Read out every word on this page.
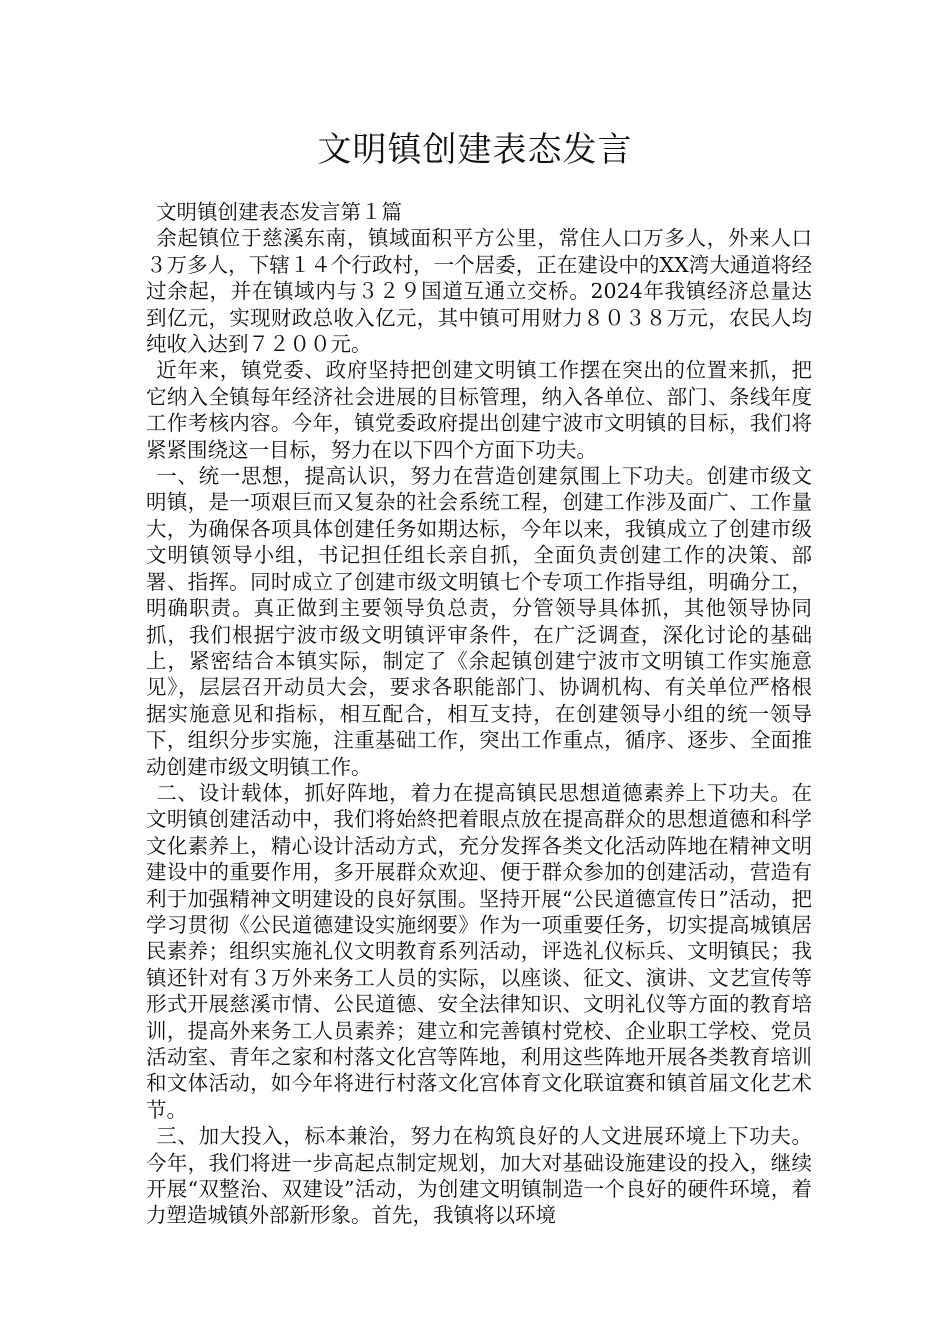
文明镇创建表态发言

文明镇创建表态发言第１篇

余起镇位于慈溪东南，镇域面积平方公里，常住人口万多人，外来人口３万多人，下辖１４个行政村，一个居委，正在建设中的XX湾大通道将经过余起，并在镇域内与３２９国道互通立交桥。2024年我镇经济总量达到亿元，实现财政总收入亿元，其中镇可用财力８０３８万元，农民人均纯收入达到７２００元。

近年来，镇党委、政府坚持把创建文明镇工作摆在突出的位置来抓，把它纳入全镇每年经济社会进展的目标管理，纳入各单位、部门、条线年度工作考核内容。今年，镇党委政府提出创建宁波市文明镇的目标，我们将紧紧围绕这一目标，努力在以下四个方面下功夫。

一、统一思想，提高认识，努力在营造创建氛围上下功夫。创建市级文明镇，是一项艰巨而又复杂的社会系统工程，创建工作涉及面广、工作量大，为确保各项具体创建任务如期达标，今年以来，我镇成立了创建市级文明镇领导小组，书记担任组长亲自抓，全面负责创建工作的决策、部署、指挥。同时成立了创建市级文明镇七个专项工作指导组，明确分工，明确职责。真正做到主要领导负总责，分管领导具体抓，其他领导协同抓，我们根据宁波市级文明镇评审条件，在广泛调查，深化讨论的基础上，紧密结合本镇实际，制定了《余起镇创建宁波市文明镇工作实施意见》，层层召开动员大会，要求各职能部门、协调机构、有关单位严格根据实施意见和指标，相互配合，相互支持，在创建领导小组的统一领导下，组织分步实施，注重基础工作，突出工作重点，循序、逐步、全面推动创建市级文明镇工作。

二、设计载体，抓好阵地，着力在提高镇民思想道德素养上下功夫。在文明镇创建活动中，我们将始終把着眼点放在提高群众的思想道德和科学文化素养上，精心设计活动方式，充分发挥各类文化活动阵地在精神文明建设中的重要作用，多开展群众欢迎、便于群众参加的创建活动，营造有利于加强精神文明建设的良好氛围。坚持开展“公民道德宣传日”活动，把学习贯彻《公民道德建设实施纲要》作为一项重要任务，切实提高城镇居民素养；组织实施礼仪文明教育系列活动，评选礼仪标兵、文明镇民；我镇还针对有３万外来务工人员的实际，以座谈、征文、演讲、文艺宣传等形式开展慈溪市情、公民道德、安全法律知识、文明礼仪等方面的教育培训，提高外来务工人员素养；建立和完善镇村党校、企业职工学校、党员活动室、青年之家和村落文化宫等阵地，利用这些阵地开展各类教育培训和文体活动，如今年将进行村落文化宫体育文化联谊赛和镇首届文化艺术节。

三、加大投入，标本兼治，努力在构筑良好的人文进展环境上下功夫。今年，我们将进一步高起点制定规划，加大对基础设施建设的投入，继续开展“双整治、双建设”活动，为创建文明镇制造一个良好的硬件环境，着力塑造城镇外部新形象。首先，我镇将以环境
